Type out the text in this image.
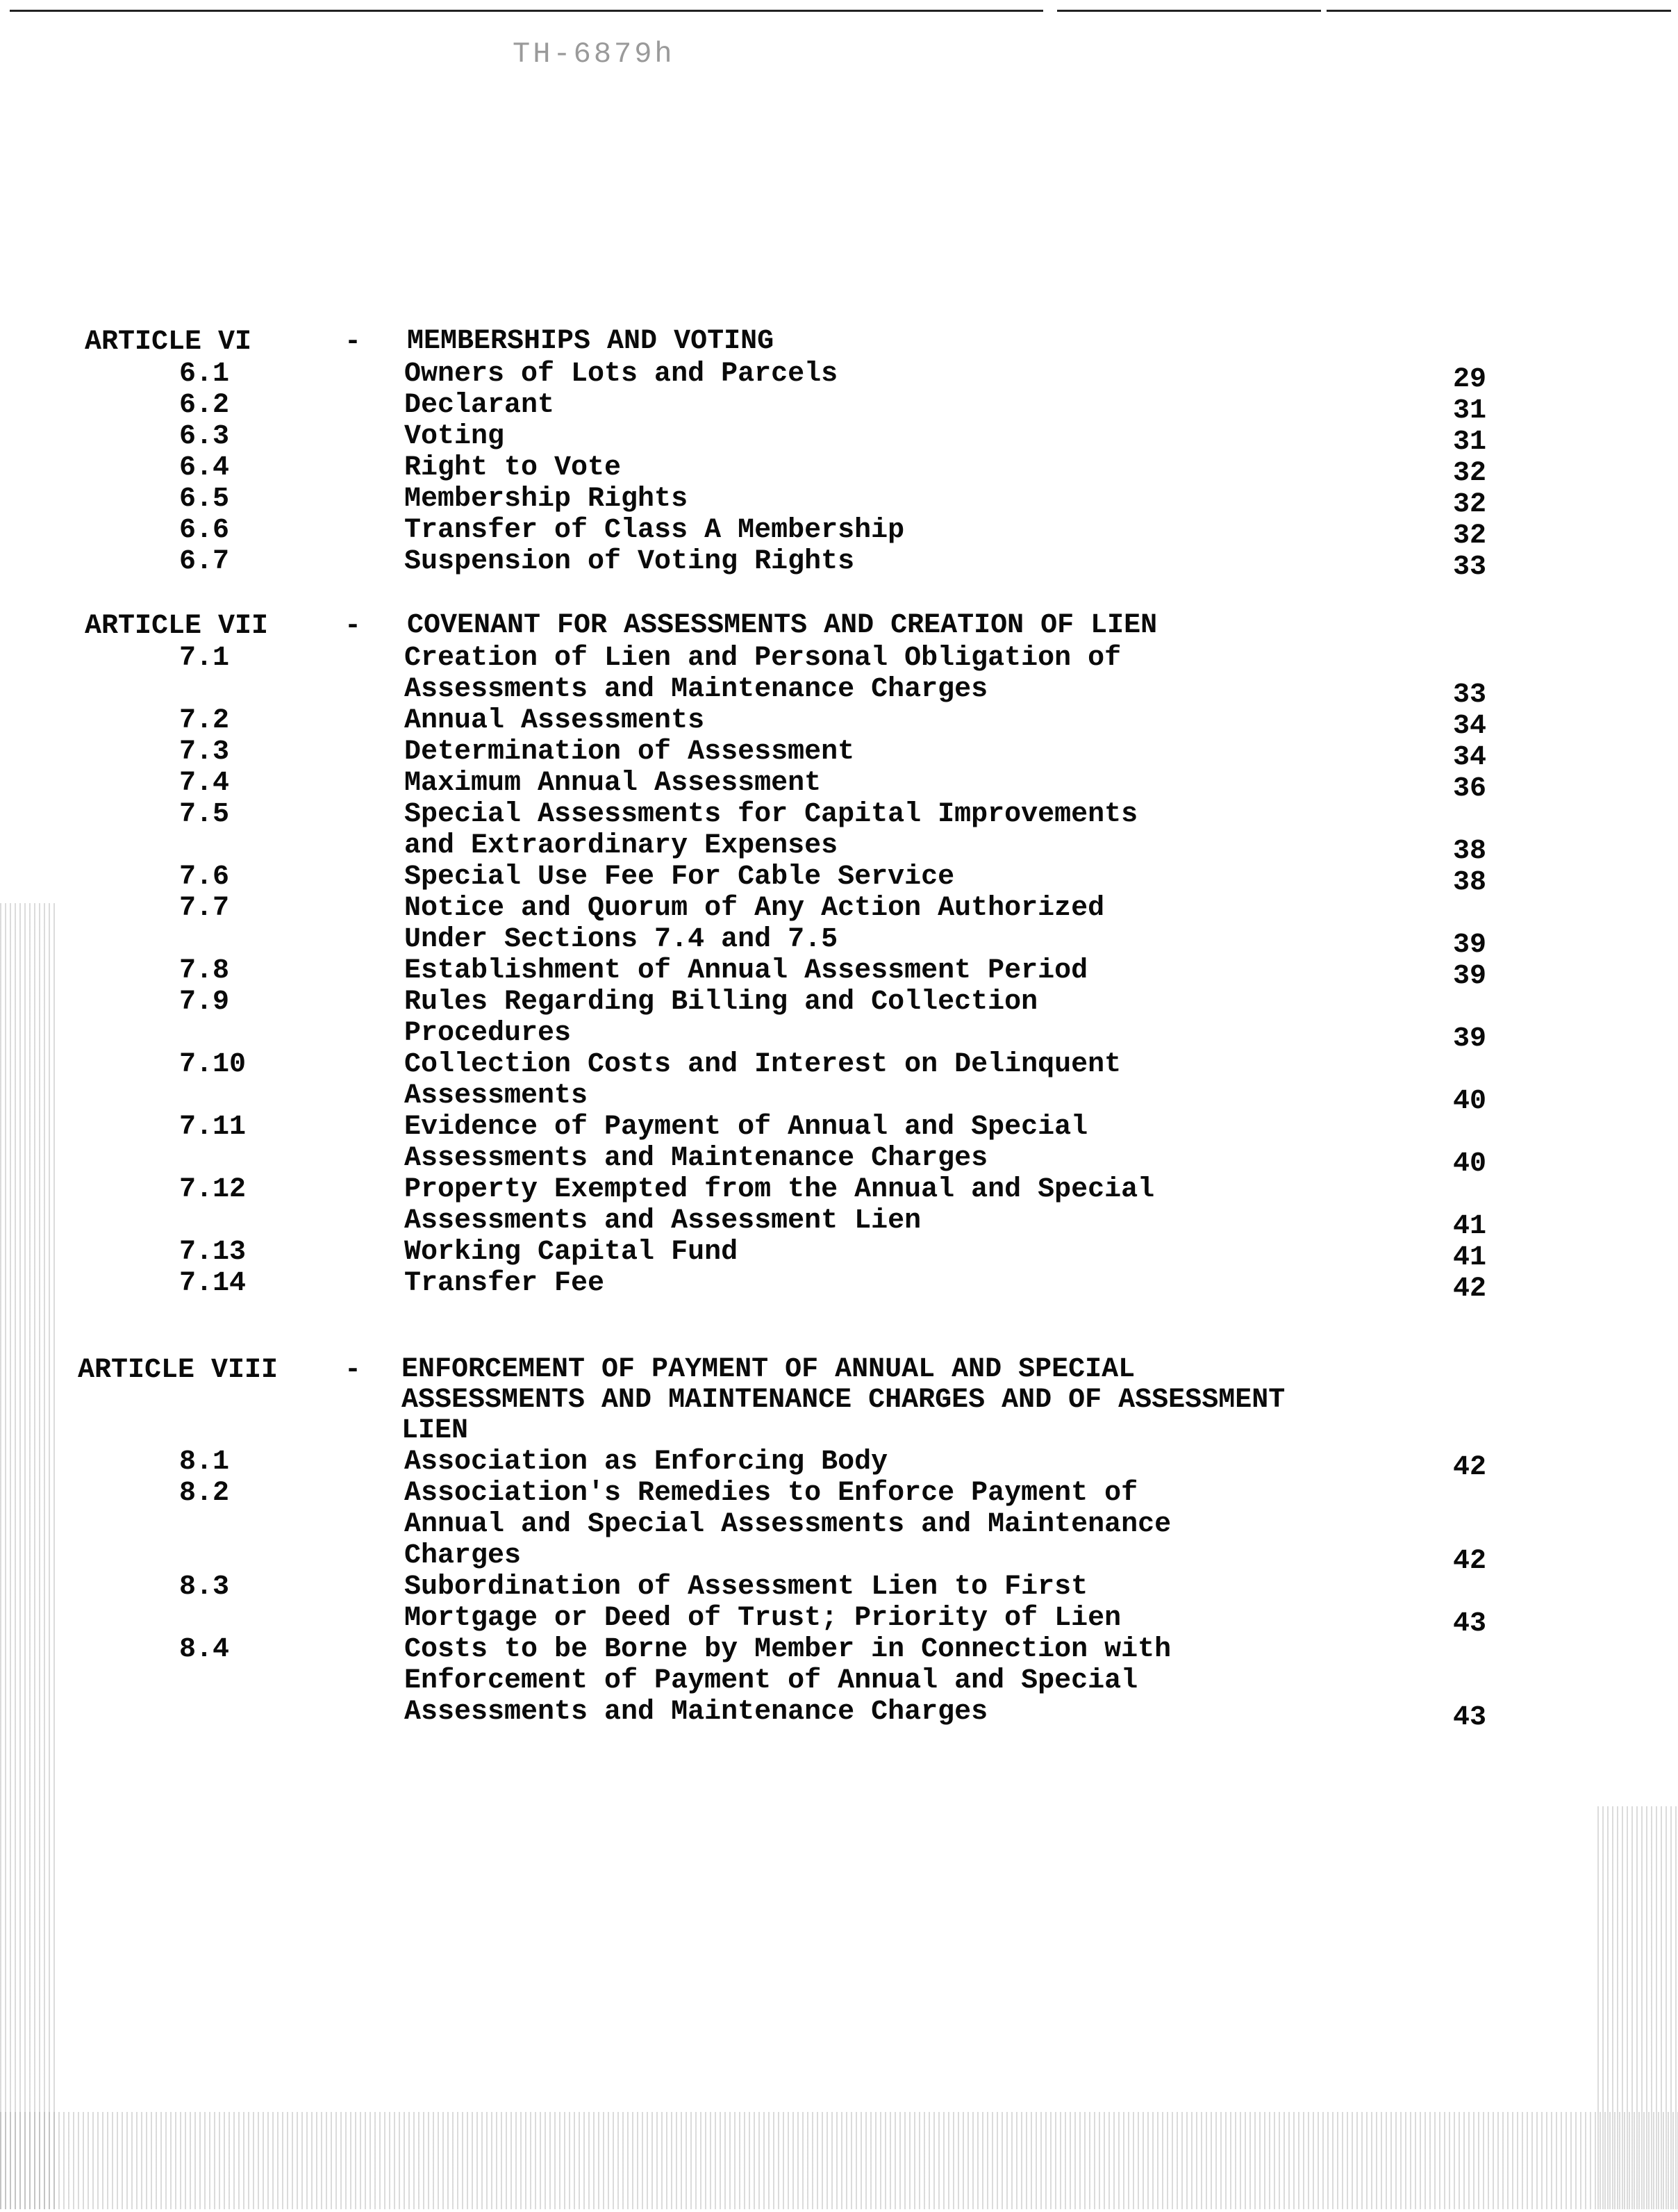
TH-6879h
ARTICLE VI	- MEMBERSHIPS AND VOTING
6.1	Owners of Lots and Parcels	29
6.2	Declarant	31
6.3	Voting	31
6.4	Right to Vote	32
6.5	Membership Rights	32
6.6	Transfer of Class A Membership	32
6.7	Suspension of Voting Rights	33
ARTICLE VII	- COVENANT FOR ASSESSMENTS AND CREATION OF LIEN
7.1	Creation of Lien and Personal Obligation of
Assessments and Maintenance Charges	33
7.2	Annual Assessments	34
7.3	Determination of Assessment	34
7.4	Maximum Annual Assessment	36
7.5	Special Assessments for Capital Improvements
and Extraordinary Expenses	38
7.6	Special Use Fee For Cable Service	38
7.7	Notice and Quorum of Any Action Authorized
Under Sections 7.4 and 7.5	39
7.8	Establishment of Annual Assessment Period	39
7.9	Rules Regarding Billing and Collection
Procedures	39
7.10	Collection Costs and Interest on Delinquent
Assessments	40
7.11	Evidence of Payment of Annual and Special
Assessments and Maintenance Charges	40
7.12	Property Exempted from the Annual and Special
Assessments and Assessment Lien	41
7.13	Working Capital Fund	41
7.14	Transfer Fee	42
ARTICLE VIII - ENFORCEMENT OF PAYMENT OF ANNUAL AND SPECIAL ASSESSMENTS AND MAINTENANCE CHARGES AND OF ASSESSMENT LIEN
8.1	Association as Enforcing Body	42
8.2	Association's Remedies to Enforce Payment of
Annual and Special Assessments and Maintenance
Charges	42
8.3	Subordination of Assessment Lien to First
Mortgage or Deed of Trust; Priority of Lien	43
8.4	Costs to be Borne by Member in Connection with
Enforcement of Payment of Annual and Special
Assessments and Maintenance Charges	43
